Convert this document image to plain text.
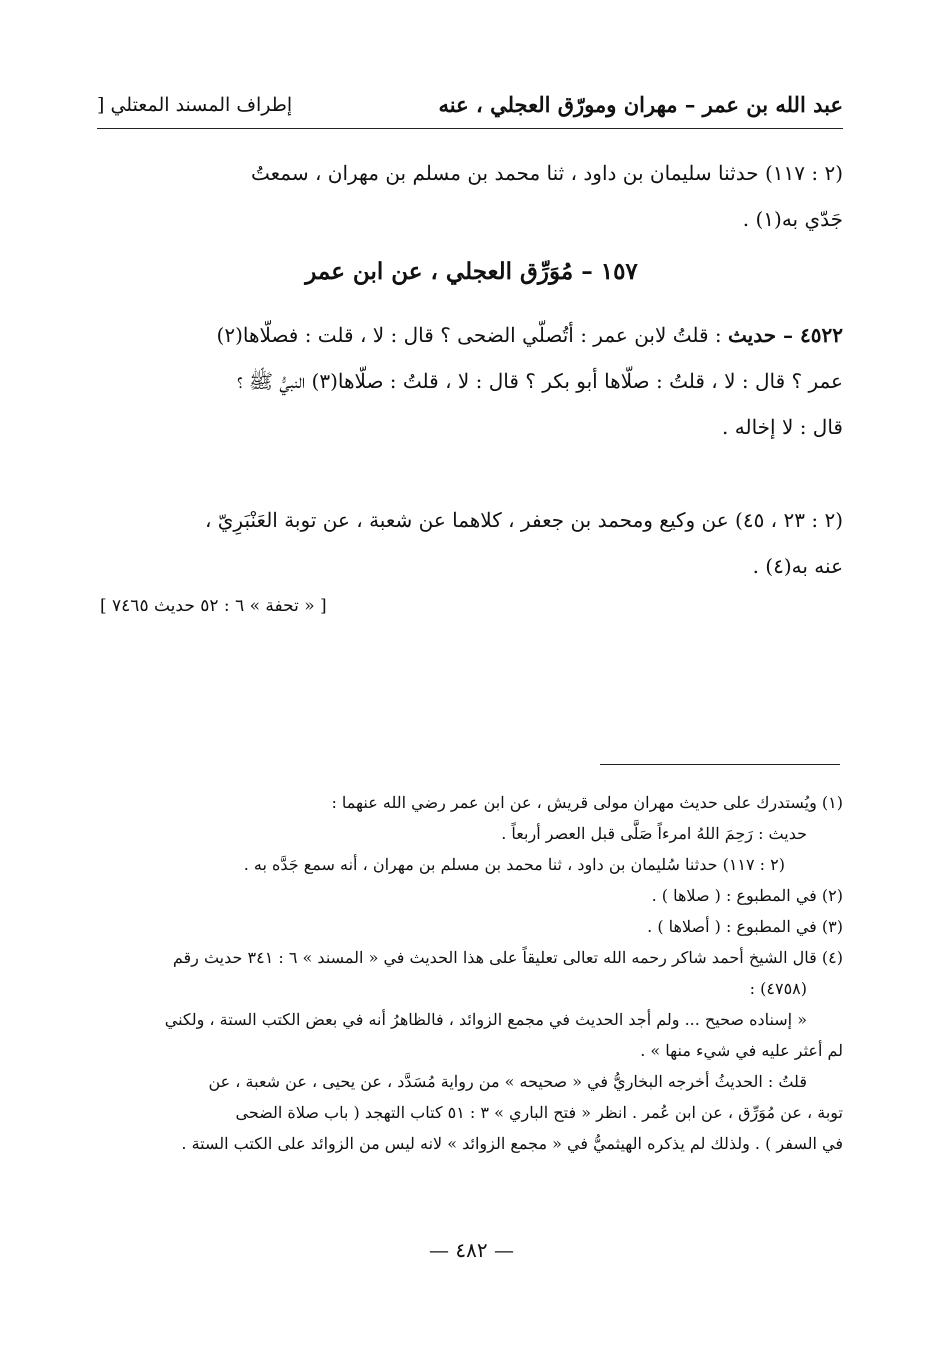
عبد الله بن عمر – مهران ومورّق العجلي ، عنه
إطراف المسند المعتلي [
(٢ : ١١٧) حدثنا سليمان بن داود ، ثنا محمد بن مسلم بن مهران ، سمعتُ
جَدّي به(١) .
١٥٧ – مُوَرِّق العجلي ، عن ابن عمر
٤٥٢٢ – حديث : قلتُ لابن عمر : أتُصلّي الضحى ؟ قال : لا ، قلت : فصلّاها(٢)
عمر ؟ قال : لا ، قلتُ : صلّاها أبو بكر ؟ قال : لا ، قلتُ : صلّاها(٣) النبيُّ ﷺ ؟
قال : لا إخاله .
(٢ : ٢٣ ، ٤٥) عن وكيع ومحمد بن جعفر ، كلاهما عن شعبة ، عن توبة العَنْبَرِيّ ،
عنه به(٤) .
[ « تحفة » ٦ : ٥٢ حديث ٧٤٦٥ ]
(١) ويُستدرك على حديث مهران مولى قريش ، عن ابن عمر رضي الله عنهما :
حديث : رَحِمَ اللهُ امرءاً صَلَّى قبل العصر أربعاً .
(٢ : ١١٧) حدثنا سُليمان بن داود ، ثنا محمد بن مسلم بن مهران ، أنه سمع جَدَّه به .
(٢) في المطبوع : ( صلاها ) .
(٣) في المطبوع : ( أصلاها ) .
(٤) قال الشيخ أحمد شاكر رحمه الله تعالى تعليقاً على هذا الحديث في « المسند » ٦ : ٣٤١ حديث رقم
(٤٧٥٨) :
« إسناده صحيح ... ولم أجد الحديث في مجمع الزوائد ، فالظاهرُ أنه في بعض الكتب الستة ، ولكني
لم أعثر عليه في شيء منها » .
قلتُ : الحديثُ أخرجه البخاريُّ في « صحيحه » من رواية مُسَدَّد ، عن يحيى ، عن شعبة ، عن
توبة ، عن مُوَرِّق ، عن ابن عُمر . انظر « فتح الباري » ٣ : ٥١ كتاب التهجد ( باب صلاة الضحى
في السفر ) . ولذلك لم يذكره الهيثميُّ في « مجمع الزوائد » لانه ليس من الزوائد على الكتب الستة .
— ٤٨٢ —
